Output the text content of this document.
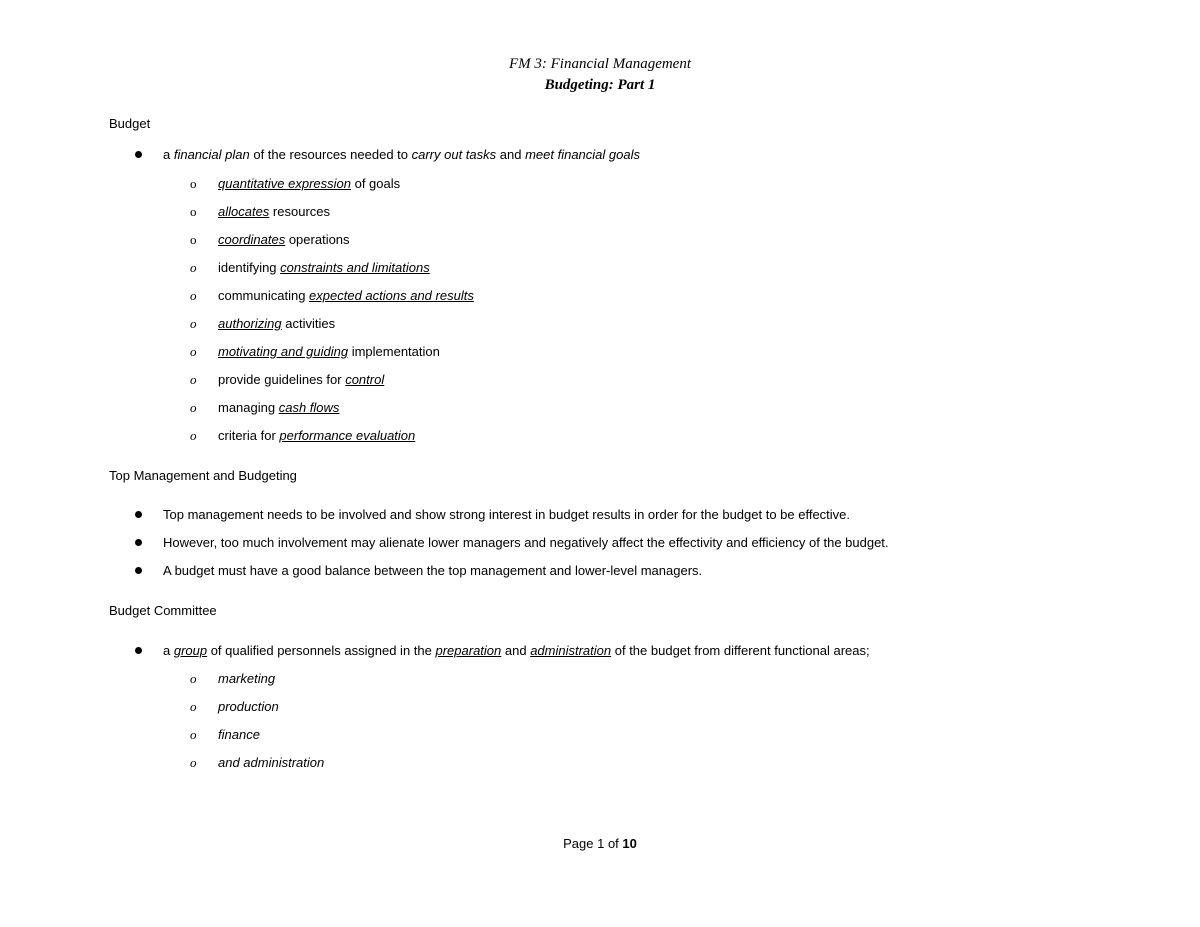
FM 3: Financial Management
Budgeting: Part 1
Budget
a financial plan of the resources needed to carry out tasks and meet financial goals
Top Management and Budgeting
Budget Committee
a group of qualified personnels assigned in the preparation and administration of the budget from different functional areas;
Page 1 of 10
o quantitative expression of goals
o allocates resources
o coordinates operations
o identifying constraints and limitations
o communicating expected actions and results
o authorizing activities
o motivating and guiding implementation
o provide guidelines for control
o managing cash flows
o criteria for performance evaluation
Top management needs to be involved and show strong interest in budget results in order for the budget to be effective.
However, too much involvement may alienate lower managers and negatively affect the effectivity and efficiency of the budget.
A budget must have a good balance between the top management and lower-level managers.
o marketing
o production
o finance
o and administration
